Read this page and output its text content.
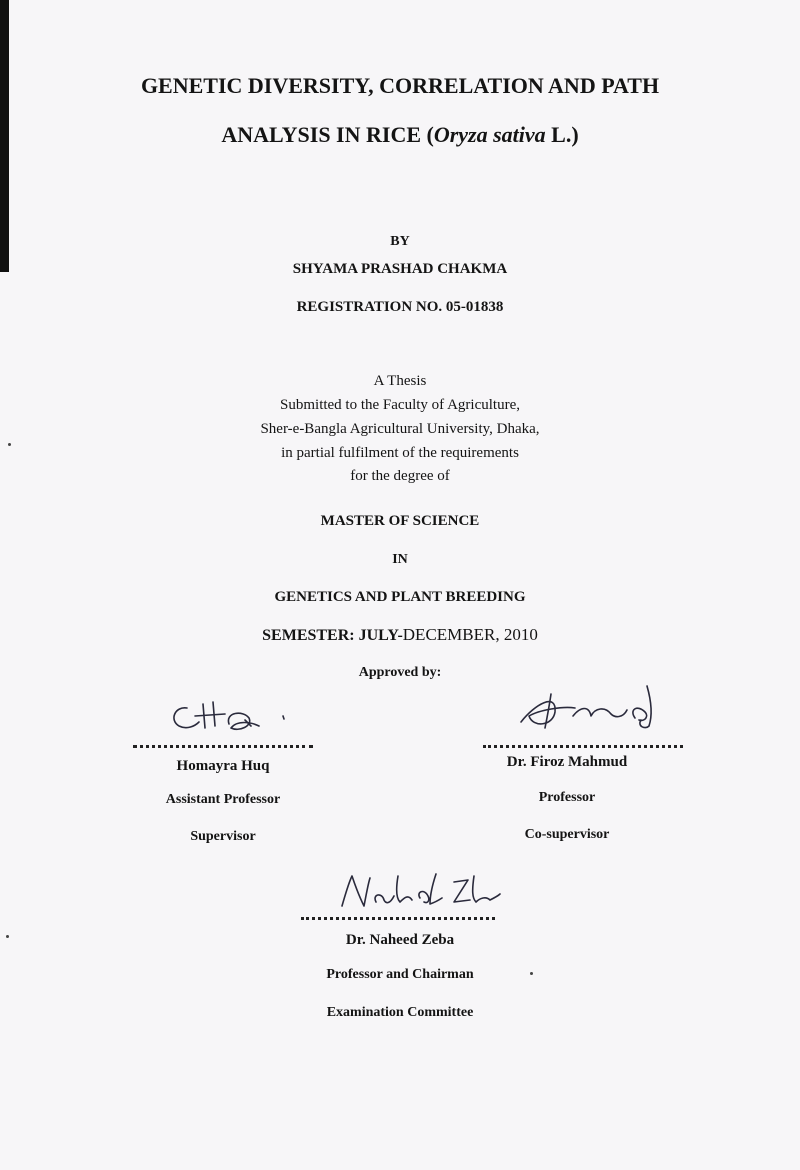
GENETIC DIVERSITY, CORRELATION AND PATH
ANALYSIS IN RICE (Oryza sativa L.)
BY
SHYAMA PRASHAD CHAKMA
REGISTRATION NO. 05-01838
A Thesis
Submitted to the Faculty of Agriculture,
Sher-e-Bangla Agricultural University, Dhaka,
in partial fulfilment of the requirements
for the degree of
MASTER OF SCIENCE
IN
GENETICS AND PLANT BREEDING
SEMESTER: JULY-DECEMBER, 2010
Approved by:
Homayra Huq
Assistant Professor
Supervisor
Dr. Firoz Mahmud
Professor
Co-supervisor
Dr. Naheed Zeba
Professor and Chairman
Examination Committee
